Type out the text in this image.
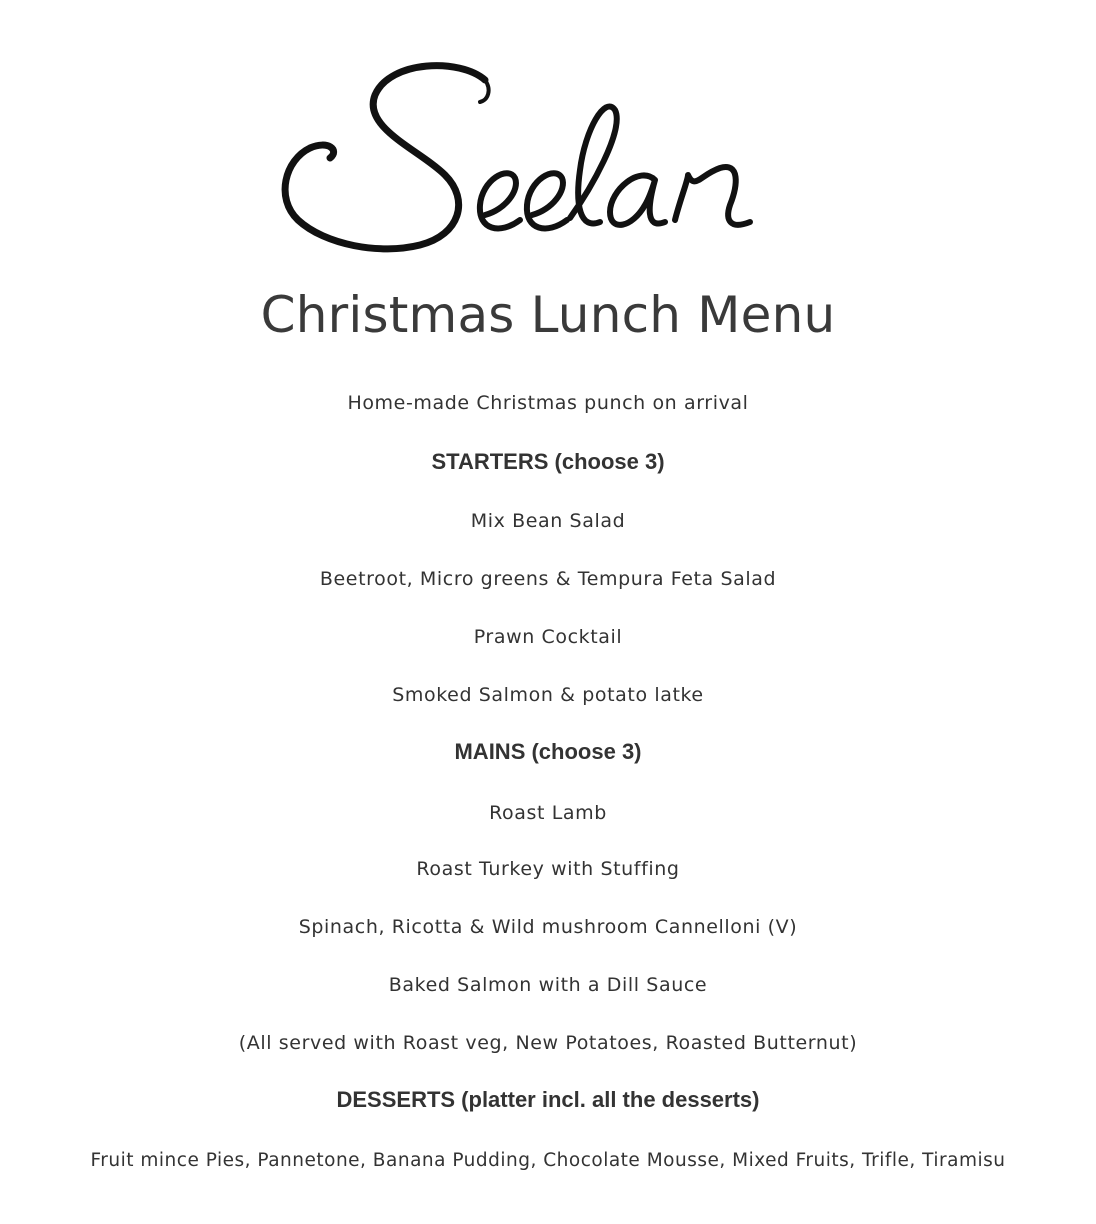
Christmas Lunch Menu
Home-made Christmas punch on arrival
STARTERS (choose 3)
Mix Bean Salad
Beetroot, Micro greens & Tempura Feta Salad
Prawn Cocktail
Smoked Salmon & potato latke
MAINS (choose 3)
Roast Lamb
Roast Turkey with Stuffing
Spinach, Ricotta & Wild mushroom Cannelloni (V)
Baked Salmon with a Dill Sauce
(All served with Roast veg, New Potatoes, Roasted Butternut)
DESSERTS (platter incl. all the desserts)
Fruit mince Pies, Pannetone, Banana Pudding, Chocolate Mousse, Mixed Fruits, Trifle, Tiramisu
